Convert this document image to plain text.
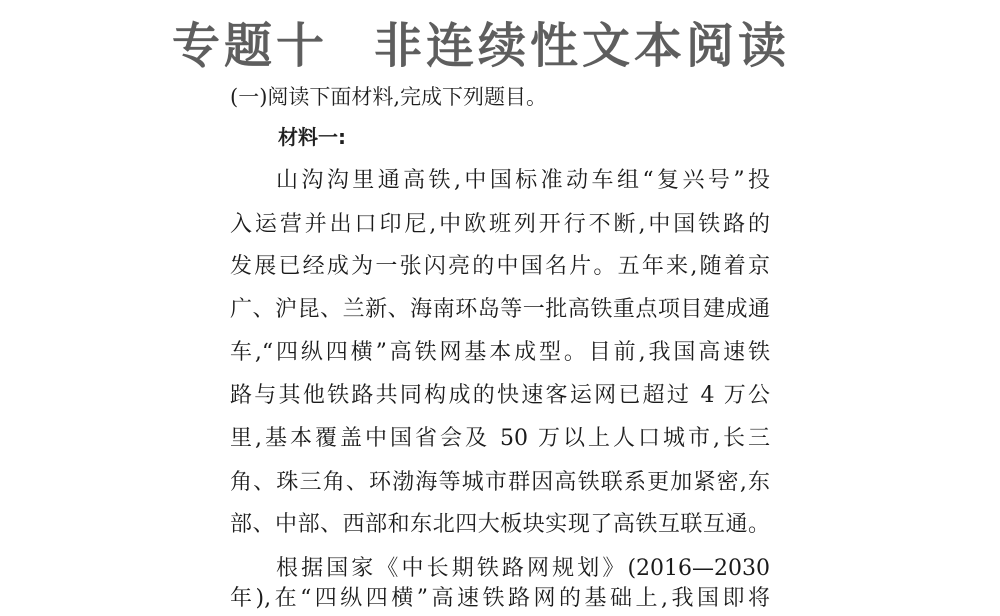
专题十 非连续性文本阅读
(一)阅读下面材料,完成下列题目。
材料一:
山沟沟里通高铁,中国标准动车组“复兴号”投
入运营并出口印尼,中欧班列开行不断,中国铁路的
发展已经成为一张闪亮的中国名片。五年来,随着京
广、沪昆、兰新、海南环岛等一批高铁重点项目建成通
车,“四纵四横”高铁网基本成型。目前,我国高速铁
路与其他铁路共同构成的快速客运网已超过 4 万公
里,基本覆盖中国省会及 50 万以上人口城市,长三
角、珠三角、环渤海等城市群因高铁联系更加紧密,东
部、中部、西部和东北四大板块实现了高铁互联互通。
根据国家《中长期铁路网规划》(2016—2030
年),在“四纵四横”高速铁路网的基础上,我国即将
